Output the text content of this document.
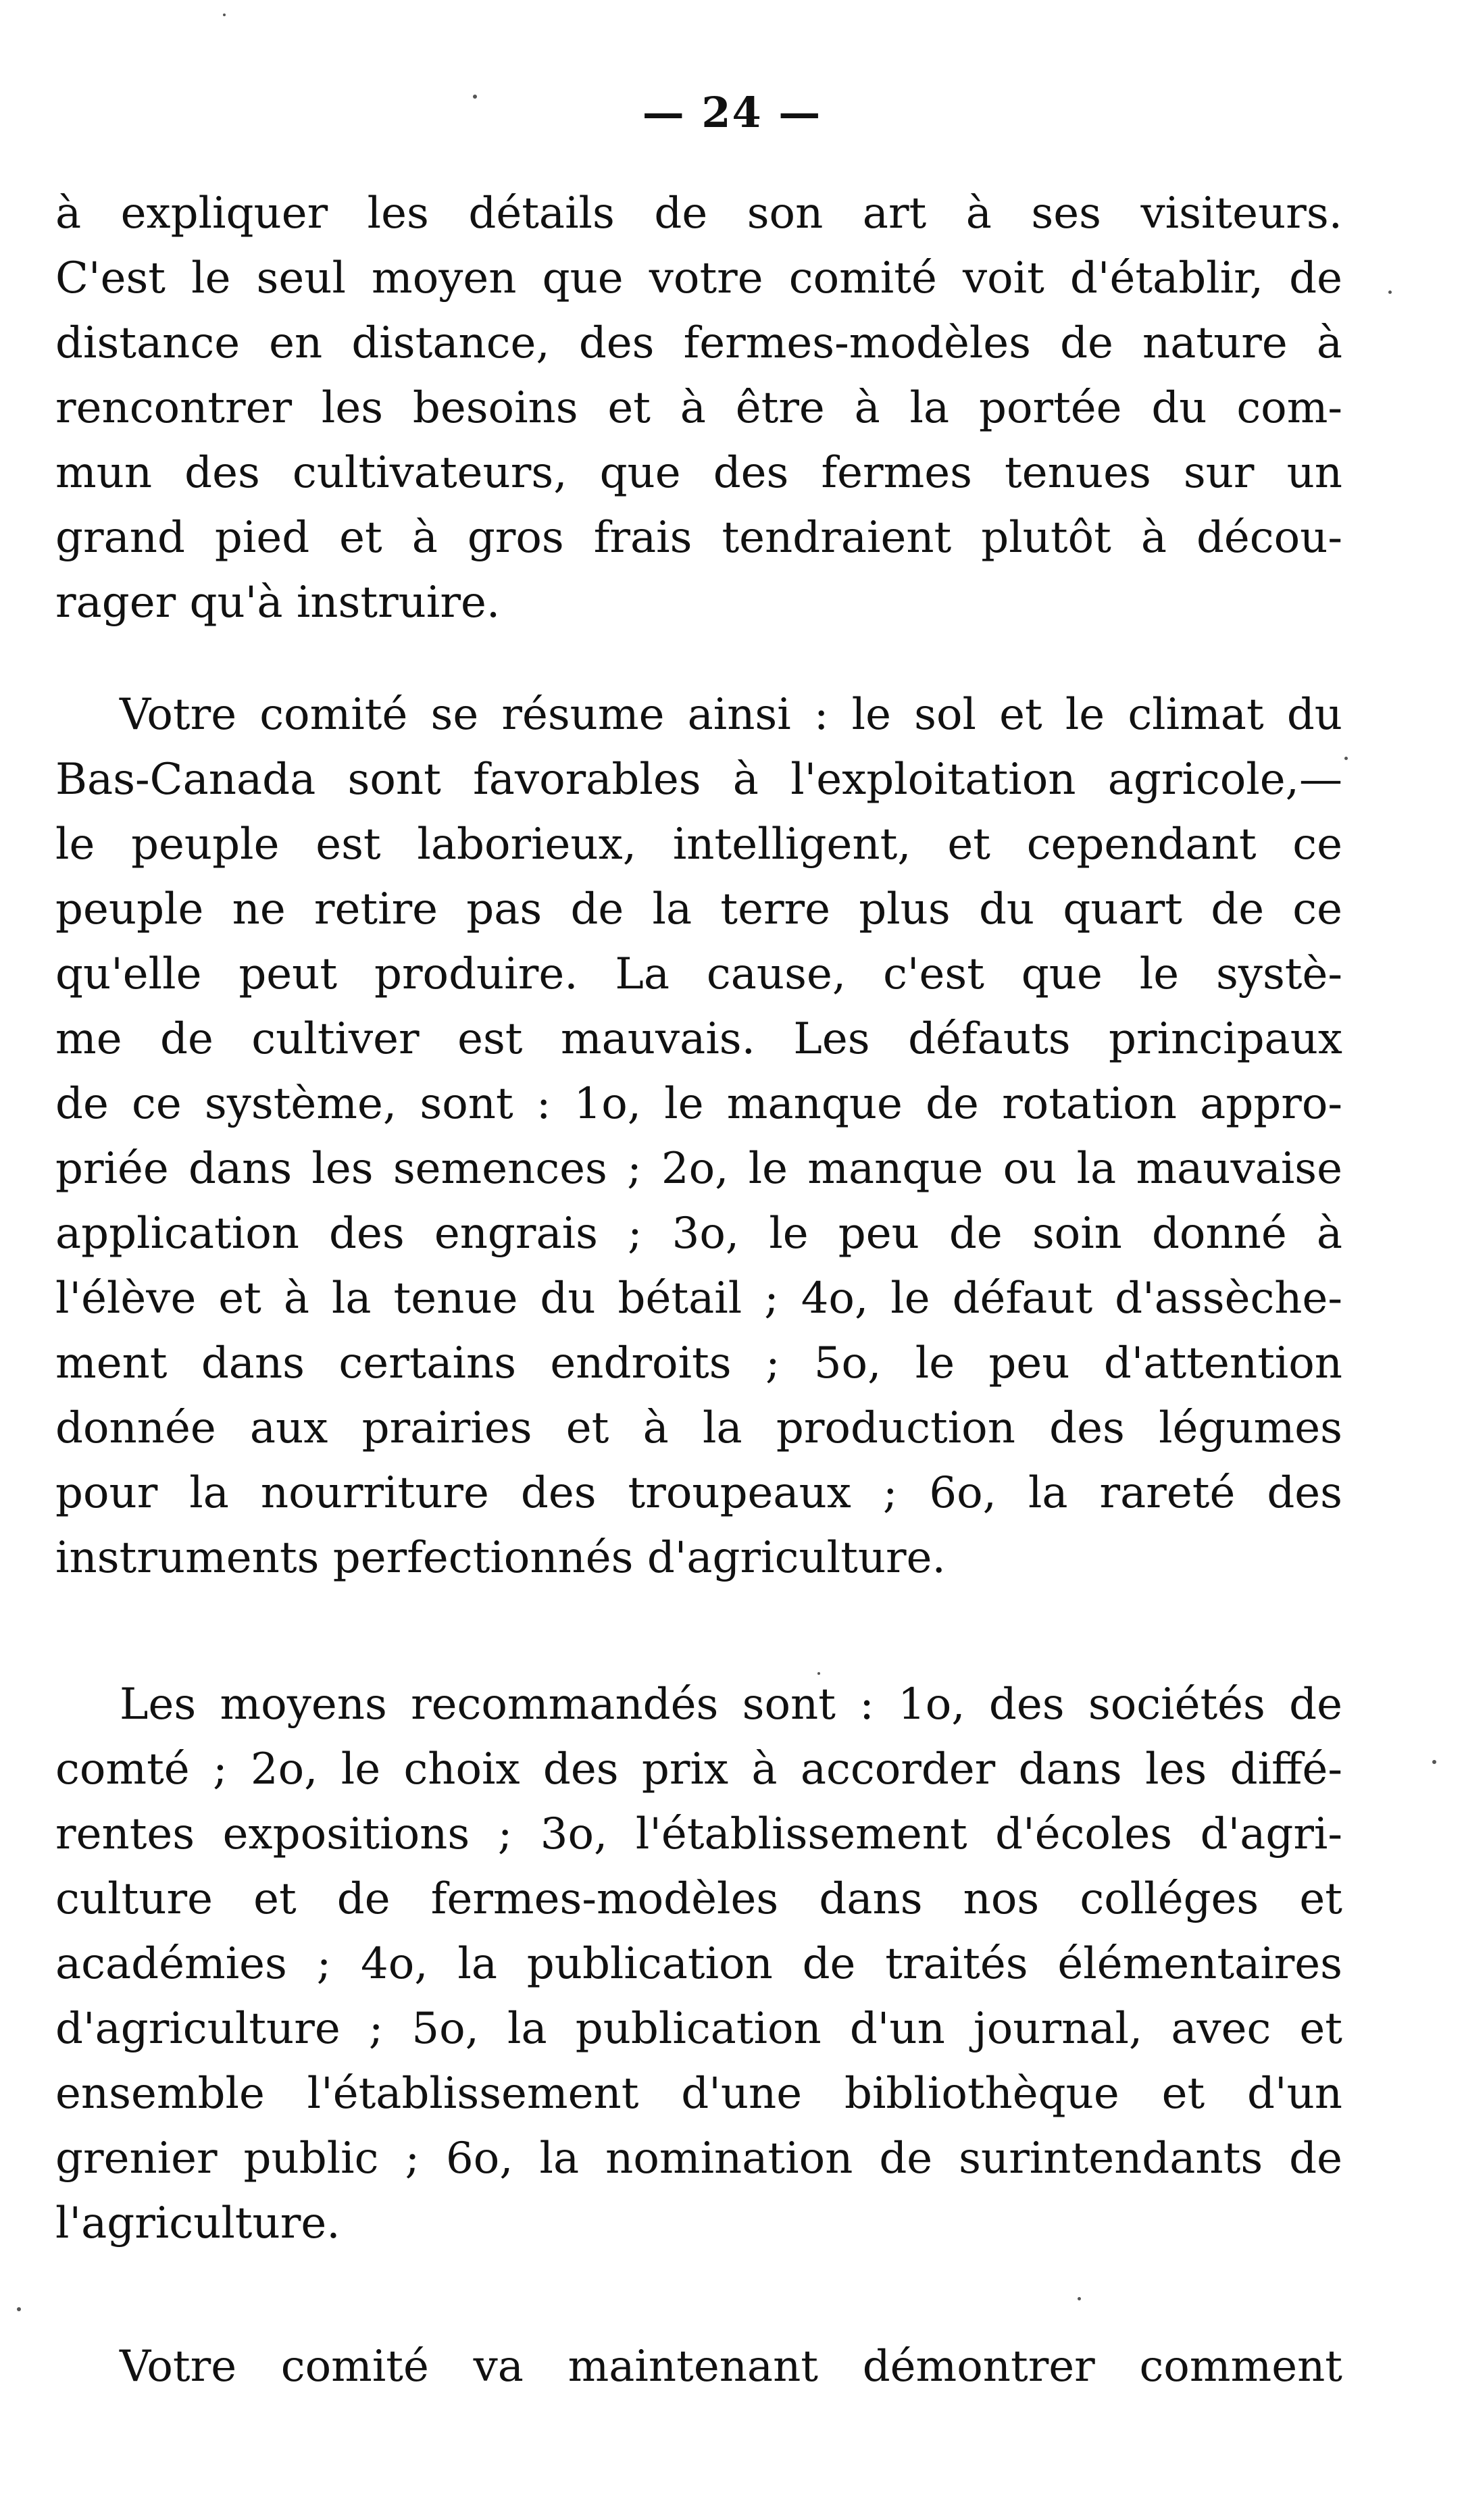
— 24 —
à expliquer les détails de son art à ses visiteurs.
C'est le seul moyen que votre comité voit d'établir, de
distance en distance, des fermes-modèles de nature à
rencontrer les besoins et à être à la portée du com-
mun des cultivateurs, que des fermes tenues sur un
grand pied et à gros frais tendraient plutôt à décou-
rager qu'à instruire.
Votre comité se résume ainsi : le sol et le climat du
Bas-Canada sont favorables à l'exploitation agricole,—
le peuple est laborieux, intelligent, et cependant ce
peuple ne retire pas de la terre plus du quart de ce
qu'elle peut produire. La cause, c'est que le systè-
me de cultiver est mauvais. Les défauts principaux
de ce système, sont : 1o, le manque de rotation appro-
priée dans les semences ; 2o, le manque ou la mauvaise
application des engrais ; 3o, le peu de soin donné à
l'élève et à la tenue du bétail ; 4o, le défaut d'assèche-
ment dans certains endroits ; 5o, le peu d'attention
donnée aux prairies et à la production des légumes
pour la nourriture des troupeaux ; 6o, la rareté des
instruments perfectionnés d'agriculture.
Les moyens recommandés sont : 1o, des sociétés de
comté ; 2o, le choix des prix à accorder dans les diffé-
rentes expositions ; 3o, l'établissement d'écoles d'agri-
culture et de fermes-modèles dans nos colléges et
académies ; 4o, la publication de traités élémentaires
d'agriculture ; 5o, la publication d'un journal, avec et
ensemble l'établissement d'une bibliothèque et d'un
grenier public ; 6o, la nomination de surintendants de
l'agriculture.
Votre comité va maintenant démontrer comment
